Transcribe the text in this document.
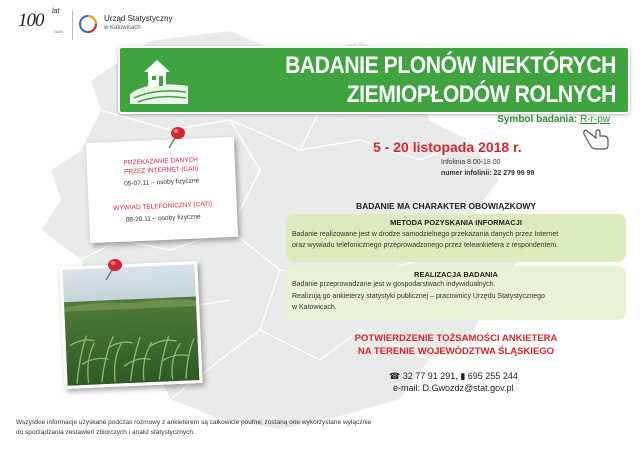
100 lat
GUS
Urząd Statystyczny
w Katowicach
BADANIE PLONÓW NIEKTÓRYCH
ZIEMIOPŁODÓW ROLNYCH
Symbol badania: R-r-pw
5 - 20 listopada 2018 r.
Infolinia 8.00-18.00
numer infolinii: 22 279 99 99
PRZEKAZANIE DANYCH
PRZEZ INTERNET (CAII)
05-07.11 – osoby fizyczne
WYWIAD TELEFONICZNY (CATI)
08-20.11 – osoby fizyczne
BADANIE MA CHARAKTER OBOWIĄZKOWY
METODA POZYSKANIA INFORMACJI
Badanie realizowane jest w drodze samodzielnego przekazania danych przez Internet
oraz wywiadu telefonicznego przeprowadzonego przez teleankietera z respondentem.
REALIZACJA BADANIA
Badanie przeprowadzane jest w gospodarstwach indywidualnych.
Realizują go ankieterzy statystyki publicznej – pracownicy Urzędu Statystycznego
w Katowicach.
POTWIERDZENIE TOŻSAMOŚCI ANKIETERA
NA TERENIE WOJEWÓDZTWA ŚLĄSKIEGO
☎ 32 77 91 291, ▮ 695 255 244
e-mail: D.Gwozdz@stat.gov.pl
Wszystkie informacje uzyskane podczas rozmowy z ankieterem są całkowicie poufne; zostaną one wykorzystane wyłącznie
do sporządzania zestawień zbiorczych i analiz statystycznych.
